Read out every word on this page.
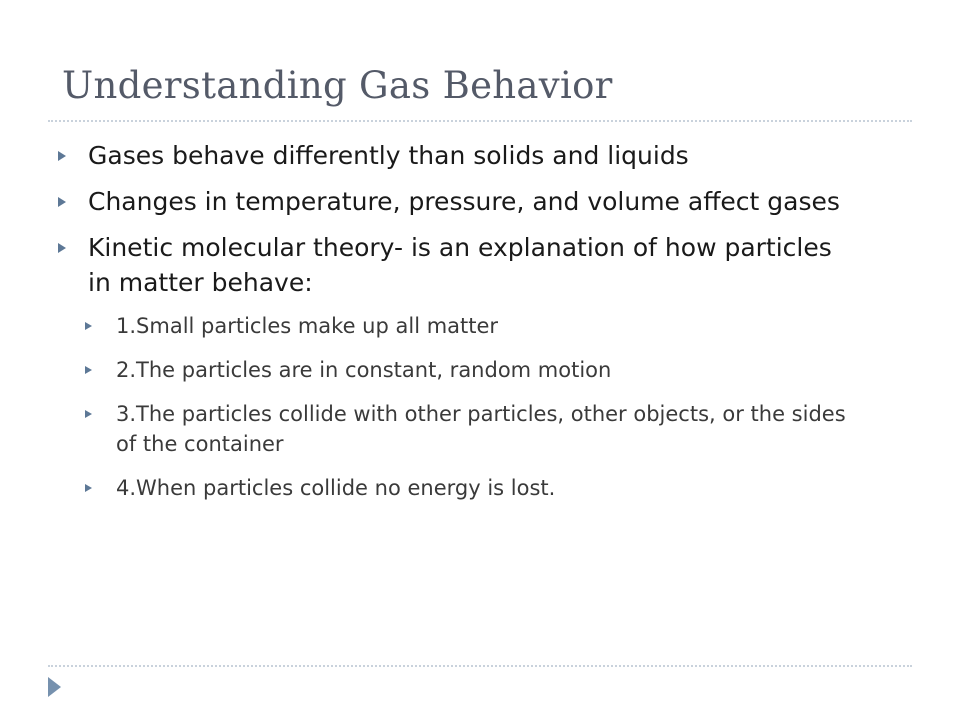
Understanding Gas Behavior
Gases behave differently than solids and liquids
Changes in temperature, pressure, and volume affect gases
Kinetic molecular theory- is an explanation of how particles in matter behave:
1.Small particles make up all matter
2.The particles are in constant, random motion
3.The particles collide with other particles, other objects, or the sides of the container
4.When particles collide no energy is lost.
